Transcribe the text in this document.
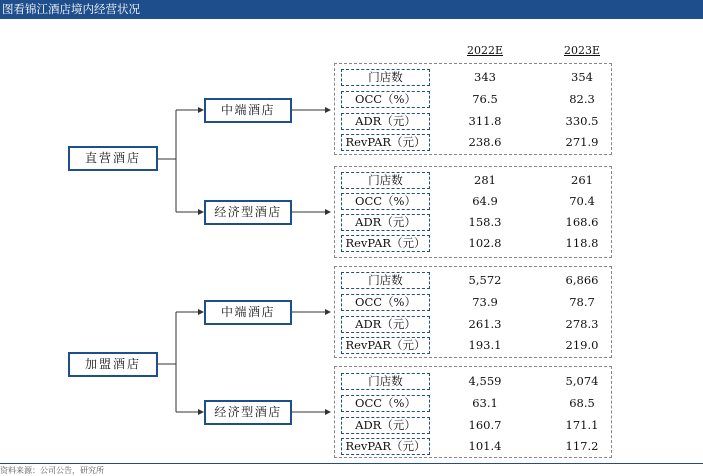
图看锦江酒店境内经营状况
2022E	2023E
直营酒店
加盟酒店
中端酒店
经济型酒店
中端酒店
经济型酒店
门店数	343	354
OCC（%）	76.5	82.3
ADR（元）	311.8	330.5
RevPAR（元）	238.6	271.9
门店数	281	261
OCC（%）	64.9	70.4
ADR（元）	158.3	168.6
RevPAR（元）	102.8	118.8
门店数	5,572	6,866
OCC（%）	73.9	78.7
ADR（元）	261.3	278.3
RevPAR（元）	193.1	219.0
门店数	4,559	5,074
OCC（%）	63.1	68.5
ADR（元）	160.7	171.1
RevPAR（元）	101.4	117.2
资料来源：公司公告，研究所
